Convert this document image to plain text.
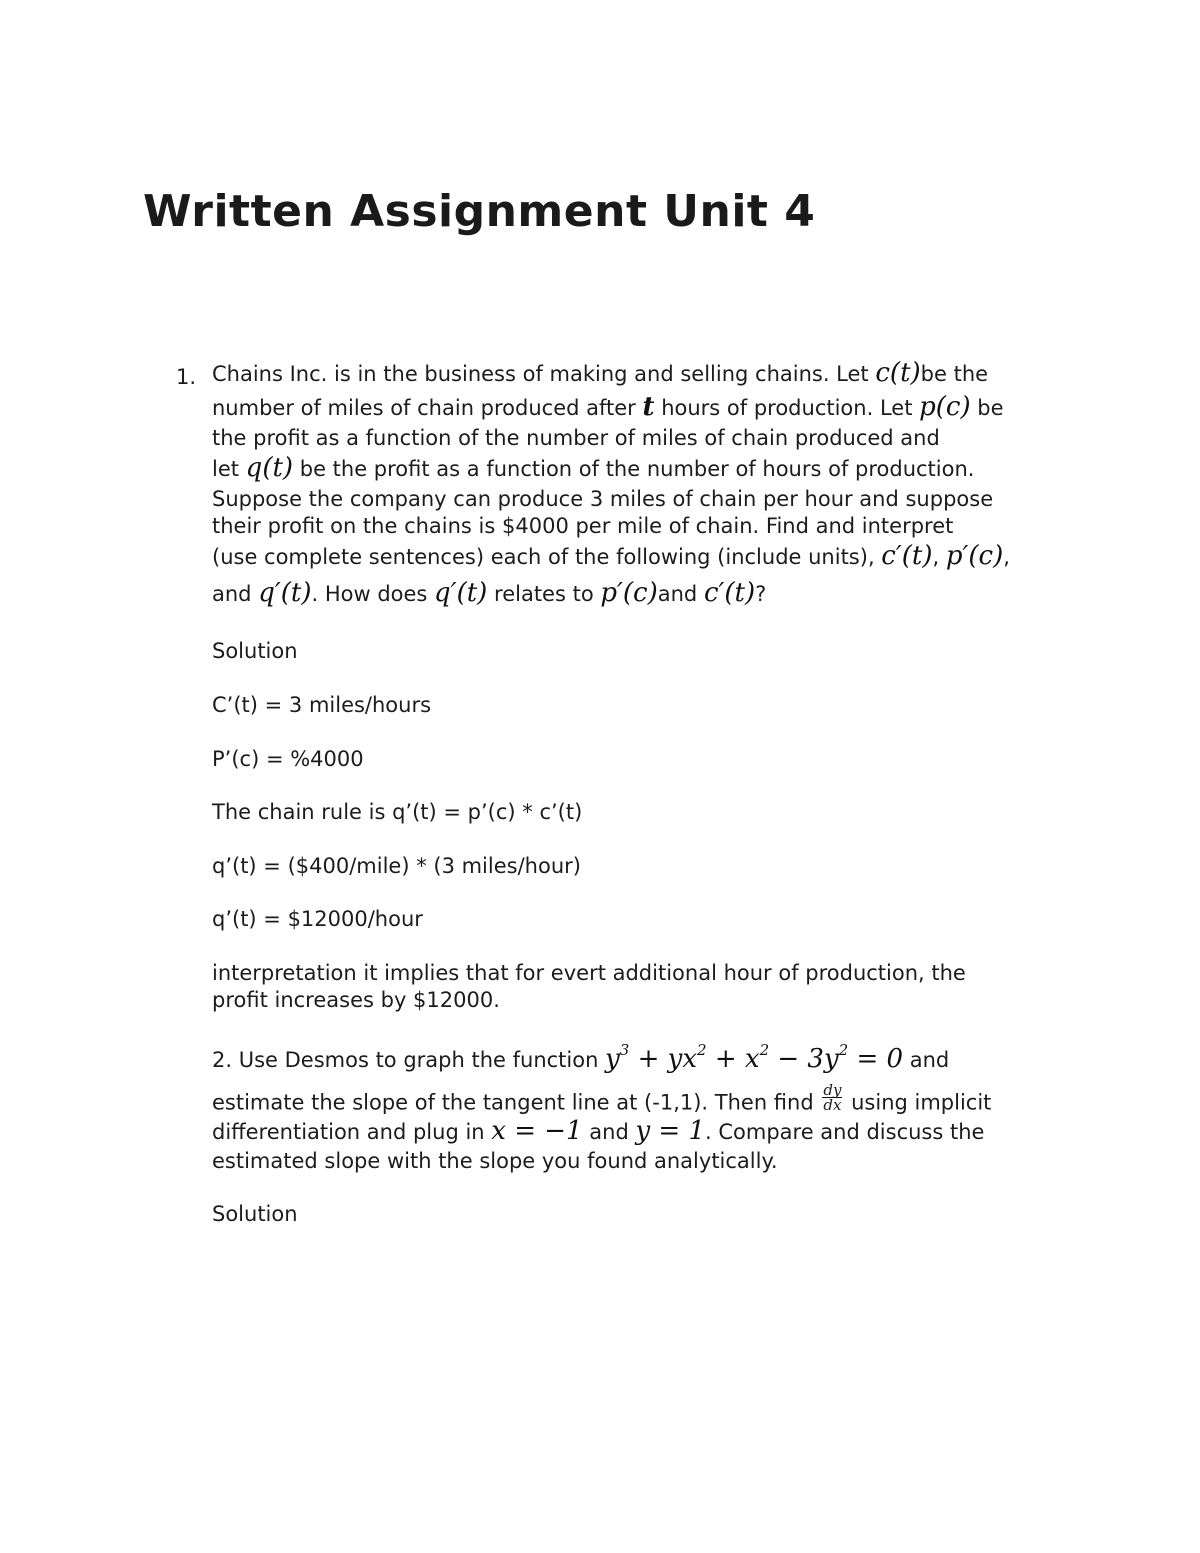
Written Assignment Unit 4
1. Chains Inc. is in the business of making and selling chains. Let c(t)be the
number of miles of chain produced after t hours of production. Let p(c) be
the profit as a function of the number of miles of chain produced and
let q(t) be the profit as a function of the number of hours of production.
Suppose the company can produce 3 miles of chain per hour and suppose
their profit on the chains is $4000 per mile of chain. Find and interpret
(use complete sentences) each of the following (include units), c′(t), p′(c),
and q′(t). How does q′(t) relates to p′(c)and c′(t)?
Solution
C’(t) = 3 miles/hours
P’(c) = %4000
The chain rule is q’(t) = p’(c) * c’(t)
q’(t) = ($400/mile) * (3 miles/hour)
q’(t) = $12000/hour
interpretation it implies that for evert additional hour of production, the
profit increases by $12000.
2. Use Desmos to graph the function $y^3 + yx^2 + x^2 - 3y^2 = 0$ and
estimate the slope of the tangent line at (-1,1). Then find $\frac{dy}{dx}$ using implicit
differentiation and plug in x = −1 and y = 1. Compare and discuss the
estimated slope with the slope you found analytically.
Solution
